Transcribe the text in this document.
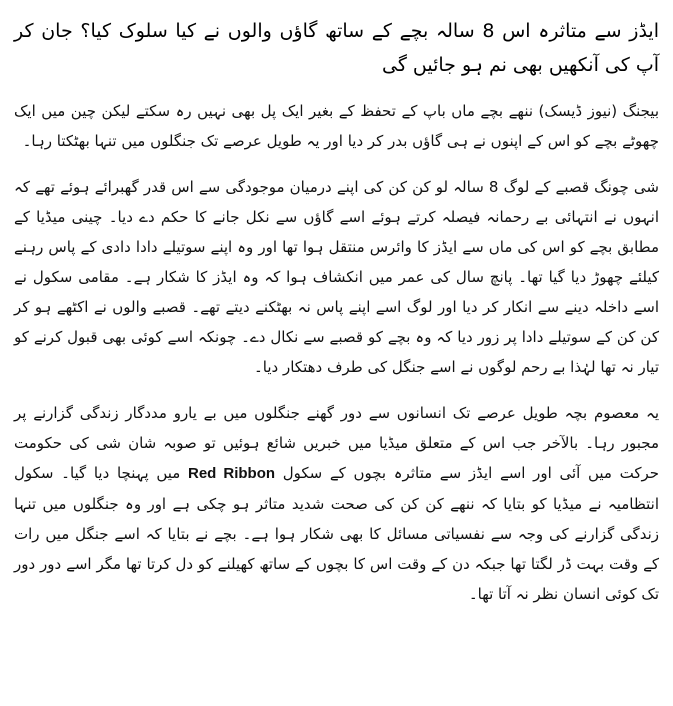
ایڈز سے متاثرہ اس 8 سالہ بچے کے ساتھ گاؤں والوں نے کیا سلوک کیا؟ جان کر آپ کی آنکھیں بھی نم ہو جائیں گی

بیجنگ (نیوز ڈیسک) ننھے بچے ماں باپ کے تحفظ کے بغیر ایک پل بھی نہیں رہ سکتے لیکن چین میں ایک چھوٹے بچے کو اس کے اپنوں نے ہی گاؤں بدر کر دیا اور یہ طویل عرصے تک جنگلوں میں تنہا بھٹکتا رہا۔

شی چونگ قصبے کے لوگ 8 سالہ لو کن کن کی اپنے درمیان موجودگی سے اس قدر گھبرائے ہوئے تھے کہ انہوں نے انتہائی بے رحمانہ فیصلہ کرتے ہوئے اسے گاؤں سے نکل جانے کا حکم دے دیا۔ چینی میڈیا کے مطابق بچے کو اس کی ماں سے ایڈز کا وائرس منتقل ہوا تھا اور وہ اپنے سوتیلے دادا دادی کے پاس رہنے کیلئے چھوڑ دیا گیا تھا۔ پانچ سال کی عمر میں انکشاف ہوا کہ وہ ایڈز کا شکار ہے۔ مقامی سکول نے اسے داخلہ دینے سے انکار کر دیا اور لوگ اسے اپنے پاس نہ بھٹکنے دیتے تھے۔ قصبے والوں نے اکٹھے ہو کر کن کن کے سوتیلے دادا پر زور دیا کہ وہ بچے کو قصبے سے نکال دے۔ چونکہ اسے کوئی بھی قبول کرنے کو تیار نہ تھا لہٰذا بے رحم لوگوں نے اسے جنگل کی طرف دھتکار دیا۔

یہ معصوم بچہ طویل عرصے تک انسانوں سے دور گھنے جنگلوں میں بے یارو مددگار زندگی گزارنے پر مجبور رہا۔ بالآخر جب اس کے متعلق میڈیا میں خبریں شائع ہوئیں تو صوبہ شان شی کی حکومت حرکت میں آئی اور اسے ایڈز سے متاثرہ بچوں کے سکول Red Ribbon میں پہنچا دیا گیا۔ سکول انتظامیہ نے میڈیا کو بتایا کہ ننھے کن کن کی صحت شدید متاثر ہو چکی ہے اور وہ جنگلوں میں تنہا زندگی گزارنے کی وجہ سے نفسیاتی مسائل کا بھی شکار ہوا ہے۔ بچے نے بتایا کہ اسے جنگل میں رات کے وقت بہت ڈر لگتا تھا جبکہ دن کے وقت اس کا بچوں کے ساتھ کھیلنے کو دل کرتا تھا مگر اسے دور دور تک کوئی انسان نظر نہ آتا تھا۔
